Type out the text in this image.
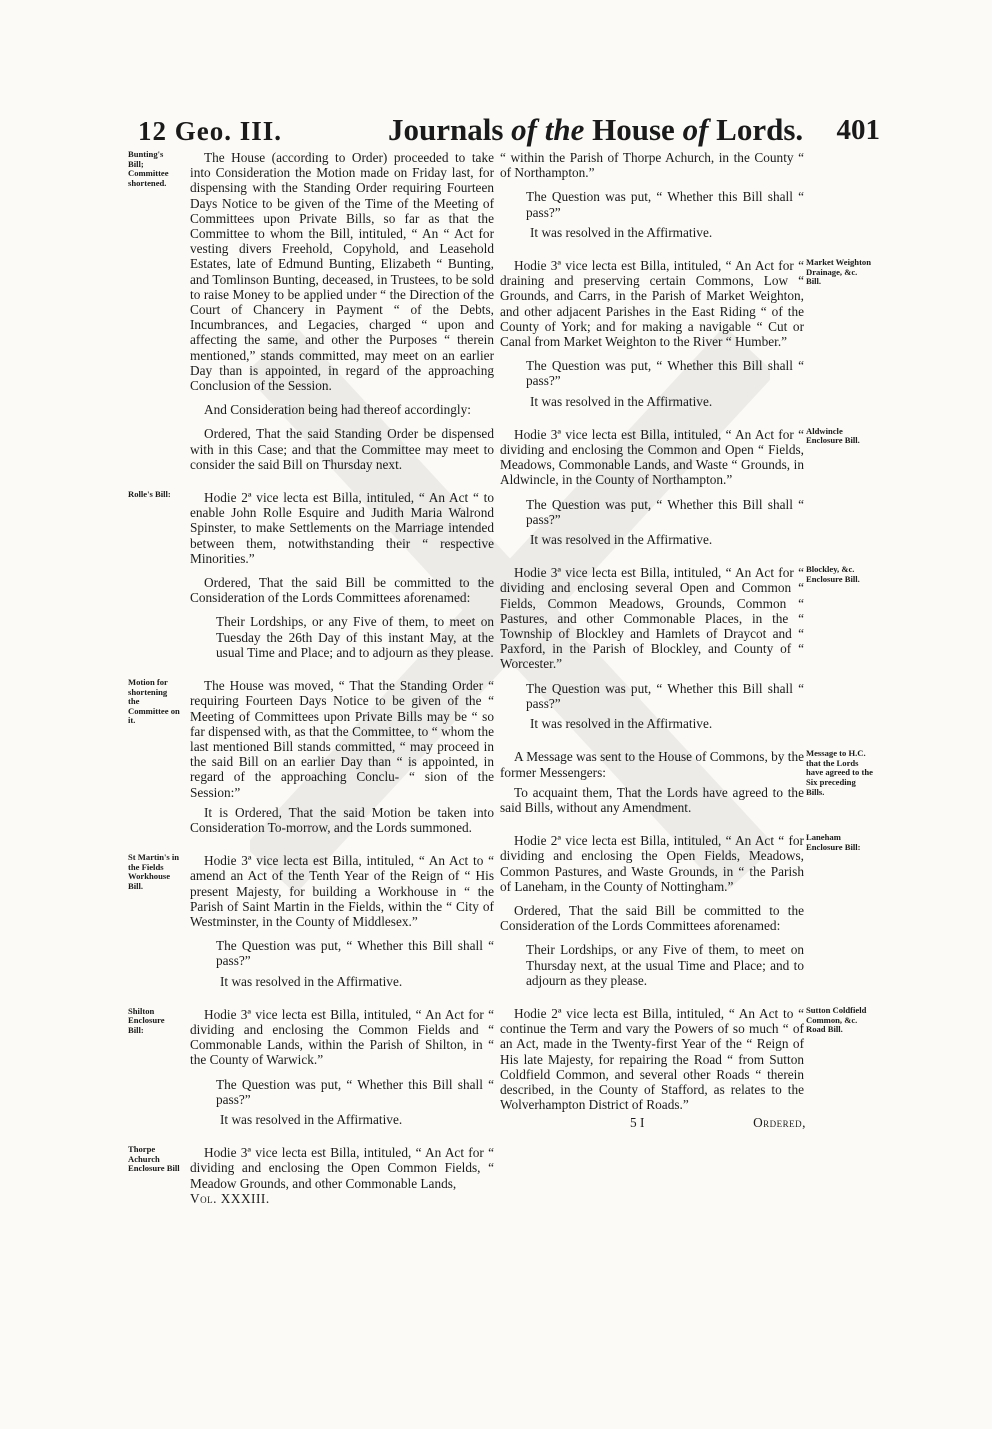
12 Geo. III.	Journals of the House of Lords. 401
Bunting's Bill; Committee shortened.

The House (according to Order) proceeded to take into Consideration the Motion made on Friday last, for dispensing with the Standing Order requiring Fourteen Days Notice to be given of the Time of the Meeting of Committees upon Private Bills, so far as that the Committee to whom the Bill, intituled, “ An “ Act for vesting divers Freehold, Copyhold, and Leasehold Estates, late of Edmund Bunting, Elizabeth “ Bunting, and Tomlinson Bunting, deceased, in Trustees, to be sold to raise Money to be applied under “ the Direction of the Court of Chancery in Payment “ of the Debts, Incumbrances, and Legacies, charged “ upon and affecting the same, and other the Purposes “ therein mentioned,” stands committed, may meet on an earlier Day than is appointed, in regard of the approaching Conclusion of the Session.

And Consideration being had thereof accordingly:

Ordered, That the said Standing Order be dispensed with in this Case; and that the Committee may meet to consider the said Bill on Thursday next.

Rolle's Bill:	Hodie 2ª vice lecta est Billa, intituled, “ An Act “ to enable John Rolle Esquire and Judith Maria Walrond Spinster, to make Settlements on the Marriage intended between them, notwithstanding their “ respective Minorities.”

Ordered, That the said Bill be committed to the Consideration of the Lords Committees aforenamed:

Their Lordships, or any Five of them, to meet on Tuesday the 26th Day of this instant May, at the usual Time and Place; and to adjourn as they please.

Motion for shortening the Committee on it.

The House was moved, “ That the Standing Order “ requiring Fourteen Days Notice to be given of the “ Meeting of Committees upon Private Bills may be “ so far dispensed with, as that the Committee, to “ whom the last mentioned Bill stands committed, “ may proceed in the said Bill on an earlier Day than “ is appointed, in regard of the approaching Conclu‑ “ sion of the Session:”

It is Ordered, That the said Motion be taken into Consideration To-morrow, and the Lords summoned.

St Martin's in the Fields Workhouse Bill.

Hodie 3ª vice lecta est Billa, intituled, “ An Act to “ amend an Act of the Tenth Year of the Reign of “ His present Majesty, for building a Workhouse in “ the Parish of Saint Martin in the Fields, within the “ City of Westminster, in the County of Middlesex.”

The Question was put, “ Whether this Bill shall “ pass?”

It was resolved in the Affirmative.

Shilton Enclosure Bill:

Hodie 3ª vice lecta est Billa, intituled, “ An Act for “ dividing and enclosing the Common Fields and “ Commonable Lands, within the Parish of Shilton, in “ the County of Warwick.”

The Question was put, “ Whether this Bill shall “ pass?”

It was resolved in the Affirmative.

Thorpe Achurch Enclosure Bill

Hodie 3ª vice lecta est Billa, intituled, “ An Act for “ dividing and enclosing the Open Common Fields, “ Meadow Grounds, and other Commonable Lands,

Vol. XXXIII.

“ within the Parish of Thorpe Achurch, in the County “ of Northampton.”

The Question was put, “ Whether this Bill shall “ pass?”

It was resolved in the Affirmative.

Market Weighton Drainage, &c. Bill.

Hodie 3ª vice lecta est Billa, intituled, “ An Act for “ draining and preserving certain Commons, Low “ Grounds, and Carrs, in the Parish of Market Weighton, and other adjacent Parishes in the East Riding “ of the County of York; and for making a navigable “ Cut or Canal from Market Weighton to the River “ Humber.”

The Question was put, “ Whether this Bill shall “ pass?”

It was resolved in the Affirmative.

Aldwincle Enclosure Bill.

Hodie 3ª vice lecta est Billa, intituled, “ An Act for “ dividing and enclosing the Common and Open “ Fields, Meadows, Commonable Lands, and Waste “ Grounds, in Aldwincle, in the County of Northampton.”

The Question was put, “ Whether this Bill shall “ pass?”

It was resolved in the Affirmative.

Blockley, &c. Enclosure Bill.

Hodie 3ª vice lecta est Billa, intituled, “ An Act for “ dividing and enclosing several Open and Common “ Fields, Common Meadows, Grounds, Common “ Pastures, and other Commonable Places, in the “ Township of Blockley and Hamlets of Draycot and “ Paxford, in the Parish of Blockley, and County of “ Worcester.”

The Question was put, “ Whether this Bill shall “ pass?”

It was resolved in the Affirmative.

Message to H.C. that the Lords have agreed to the Six preceding Bills.

A Message was sent to the House of Commons, by the former Messengers:

To acquaint them, That the Lords have agreed to the said Bills, without any Amendment.

Laneham Enclosure Bill:

Hodie 2ª vice lecta est Billa, intituled, “ An Act “ for dividing and enclosing the Open Fields, Meadows, Common Pastures, and Waste Grounds, in “ the Parish of Laneham, in the County of Nottingham.”

Ordered, That the said Bill be committed to the Consideration of the Lords Committees aforenamed:

Their Lordships, or any Five of them, to meet on Thursday next, at the usual Time and Place; and to adjourn as they please.

Sutton Coldfield Common, &c. Road Bill.

Hodie 2ª vice lecta est Billa, intituled, “ An Act to “ continue the Term and vary the Powers of so much “ of an Act, made in the Twenty-first Year of the “ Reign of His late Majesty, for repairing the Road “ from Sutton Coldfield Common, and several other Roads “ therein described, in the County of Stafford, as relates to the Wolverhampton District of Roads.”

5 I	Ordered,
